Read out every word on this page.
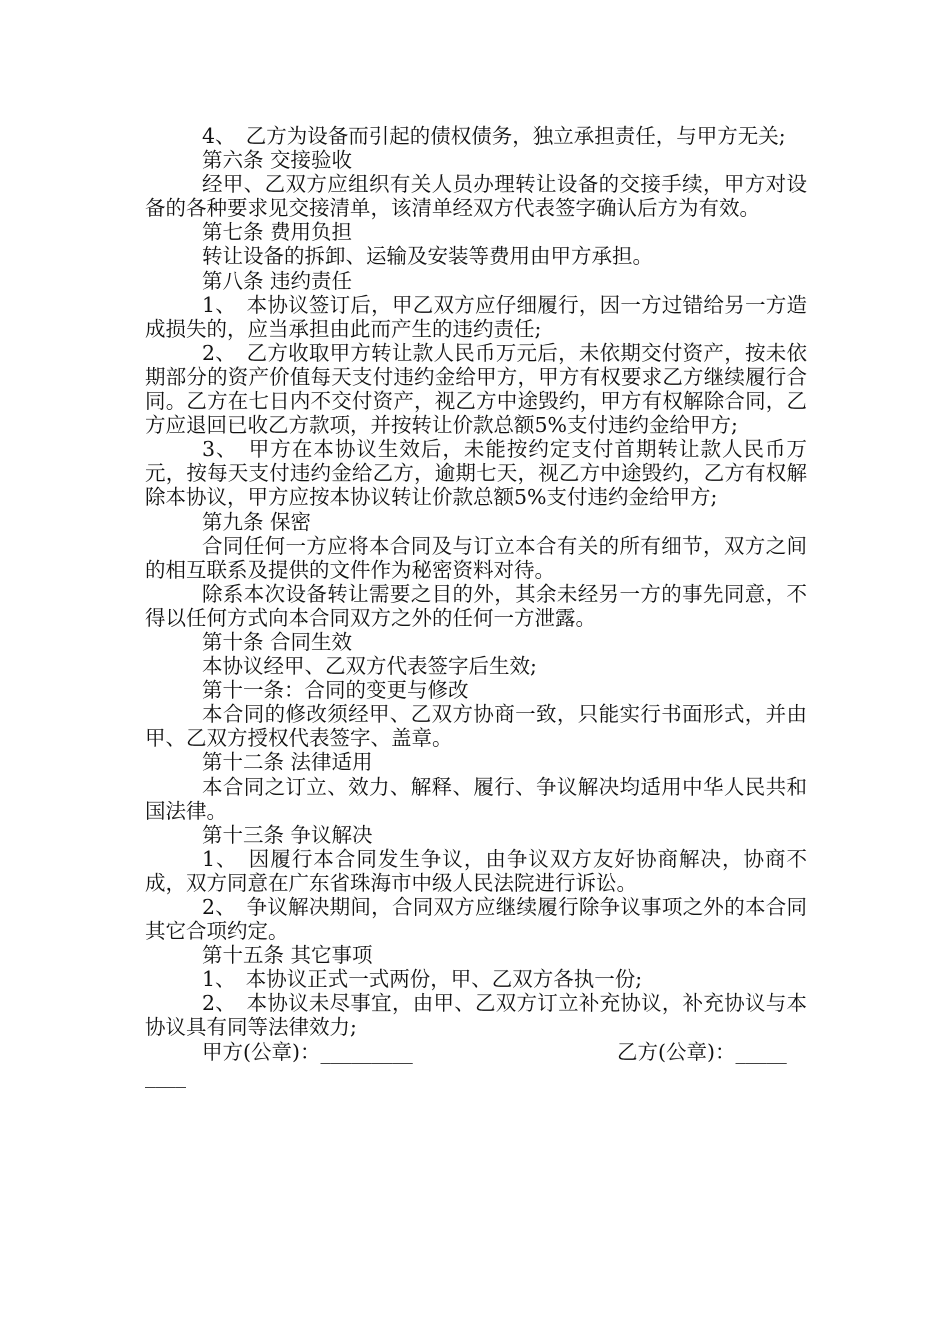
4、　乙方为设备而引起的债权债务，独立承担责任，与甲方无关;

第六条 交接验收

经甲、乙双方应组织有关人员办理转让设备的交接手续，甲方对设备的各种要求见交接清单，该清单经双方代表签字确认后方为有效。

第七条 费用负担

转让设备的拆卸、运输及安装等费用由甲方承担。

第八条 违约责任

1、　本协议签订后，甲乙双方应仔细履行，因一方过错给另一方造成损失的，应当承担由此而产生的违约责任;

2、　乙方收取甲方转让款人民币万元后，未依期交付资产，按未依期部分的资产价值每天支付违约金给甲方，甲方有权要求乙方继续履行合同。乙方在七日内不交付资产，视乙方中途毁约，甲方有权解除合同，乙方应退回已收乙方款项，并按转让价款总额5%支付违约金给甲方;

3、　甲方在本协议生效后，未能按约定支付首期转让款人民币万元，按每天支付违约金给乙方，逾期七天，视乙方中途毁约，乙方有权解除本协议，甲方应按本协议转让价款总额5%支付违约金给甲方;

第九条 保密

合同任何一方应将本合同及与订立本合有关的所有细节，双方之间的相互联系及提供的文件作为秘密资料对待。

除系本次设备转让需要之目的外，其余未经另一方的事先同意，不得以任何方式向本合同双方之外的任何一方泄露。

第十条 合同生效

本协议经甲、乙双方代表签字后生效;

第十一条：合同的变更与修改

本合同的修改须经甲、乙双方协商一致，只能实行书面形式，并由甲、乙双方授权代表签字、盖章。

第十二条 法律适用

本合同之订立、效力、解释、履行、争议解决均适用中华人民共和国法律。

第十三条 争议解决

1、　因履行本合同发生争议，由争议双方友好协商解决，协商不成，双方同意在广东省珠海市中级人民法院进行诉讼。

2、　争议解决期间，合同双方应继续履行除争议事项之外的本合同其它合项约定。

第十五条 其它事项

1、　本协议正式一式两份，甲、乙双方各执一份;

2、　本协议未尽事宜，由甲、乙双方订立补充协议，补充协议与本协议具有同等法律效力;

甲方(公章)：_________	乙方(公章)：_____
____
